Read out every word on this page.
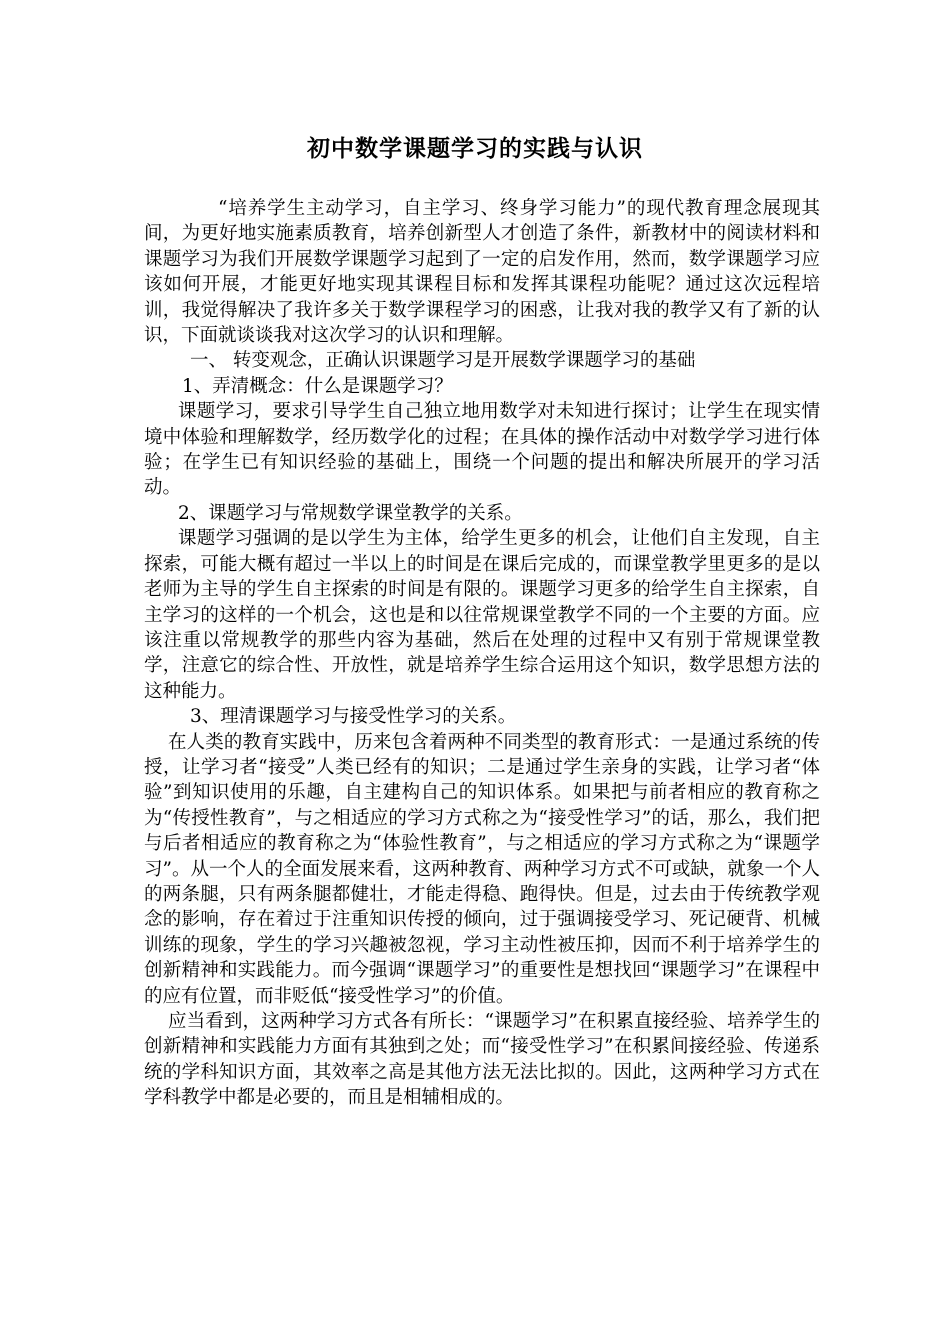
初中数学课题学习的实践与认识

“培养学生主动学习，自主学习、终身学习能力”的现代教育理念展现其间，为更好地实施素质教育，培养创新型人才创造了条件，新教材中的阅读材料和课题学习为我们开展数学课题学习起到了一定的启发作用，然而，数学课题学习应该如何开展，才能更好地实现其课程目标和发挥其课程功能呢？通过这次远程培训，我觉得解决了我许多关于数学课程学习的困惑，让我对我的教学又有了新的认识，下面就谈谈我对这次学习的认识和理解。

一、 转变观念，正确认识课题学习是开展数学课题学习的基础

1、弄清概念：什么是课题学习？

课题学习，要求引导学生自己独立地用数学对未知进行探讨；让学生在现实情境中体验和理解数学，经历数学化的过程；在具体的操作活动中对数学学习进行体验；在学生已有知识经验的基础上，围绕一个问题的提出和解决所展开的学习活动。

2、课题学习与常规数学课堂教学的关系。

课题学习强调的是以学生为主体，给学生更多的机会，让他们自主发现，自主探索，可能大概有超过一半以上的时间是在课后完成的，而课堂教学里更多的是以老师为主导的学生自主探索的时间是有限的。课题学习更多的给学生自主探索，自主学习的这样的一个机会，这也是和以往常规课堂教学不同的一个主要的方面。应该注重以常规教学的那些内容为基础，然后在处理的过程中又有别于常规课堂教学，注意它的综合性、开放性，就是培养学生综合运用这个知识，数学思想方法的这种能力。

3、理清课题学习与接受性学习的关系。

在人类的教育实践中，历来包含着两种不同类型的教育形式：一是通过系统的传授，让学习者“接受”人类已经有的知识；二是通过学生亲身的实践，让学习者“体验”到知识使用的乐趣，自主建构自己的知识体系。如果把与前者相应的教育称之为“传授性教育”，与之相适应的学习方式称之为“接受性学习”的话，那么，我们把与后者相适应的教育称之为“体验性教育”，与之相适应的学习方式称之为“课题学习”。从一个人的全面发展来看，这两种教育、两种学习方式不可或缺，就象一个人的两条腿，只有两条腿都健壮，才能走得稳、跑得快。但是，过去由于传统教学观念的影响，存在着过于注重知识传授的倾向，过于强调接受学习、死记硬背、机械训练的现象，学生的学习兴趣被忽视，学习主动性被压抑，因而不利于培养学生的创新精神和实践能力。而今强调“课题学习”的重要性是想找回“课题学习”在课程中的应有位置，而非贬低“接受性学习”的价值。

应当看到，这两种学习方式各有所长：“课题学习”在积累直接经验、培养学生的创新精神和实践能力方面有其独到之处；而“接受性学习”在积累间接经验、传递系统的学科知识方面，其效率之高是其他方法无法比拟的。因此，这两种学习方式在学科教学中都是必要的，而且是相辅相成的。
